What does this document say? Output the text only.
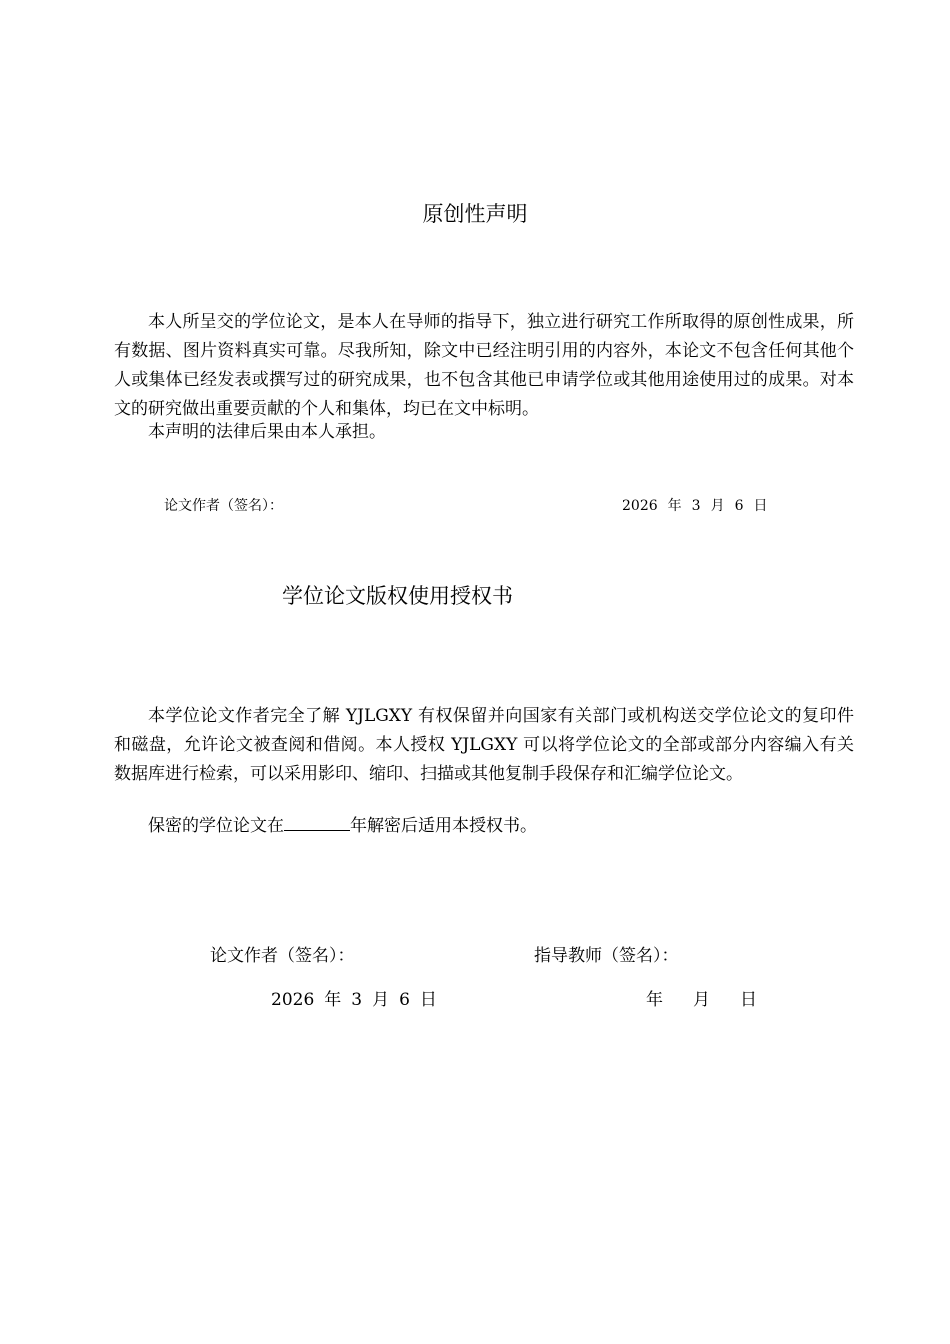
原创性声明

本人所呈交的学位论文，是本人在导师的指导下，独立进行研究工作所取得的原创性成果，所有数据、图片资料真实可靠。尽我所知，除文中已经注明引用的内容外，本论文不包含任何其他个人或集体已经发表或撰写过的研究成果，也不包含其他已申请学位或其他用途使用过的成果。对本文的研究做出重要贡献的个人和集体，均已在文中标明。

本声明的法律后果由本人承担。

论文作者（签名）：	2026 年 3 月 6 日
学位论文版权使用授权书

本学位论文作者完全了解 YJLGXY 有权保留并向国家有关部门或机构送交学位论文的复印件和磁盘，允许论文被查阅和借阅。本人授权 YJLGXY 可以将学位论文的全部或部分内容编入有关数据库进行检索，可以采用影印、缩印、扫描或其他复制手段保存和汇编学位论文。

保密的学位论文在	年解密后适用本授权书。

论文作者（签名）：	指导教师（签名）：
2026 年 3 月 6 日	年 月 日
